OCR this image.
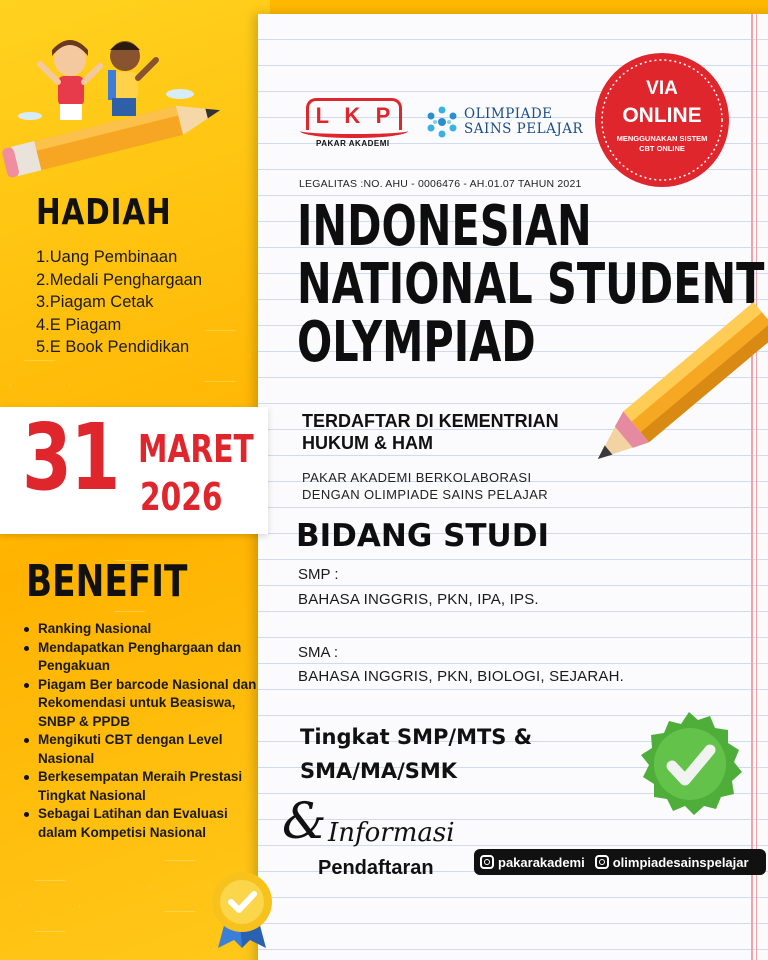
HADIAH
1.Uang Pembinaan
2.Medali Penghargaan
3.Piagam Cetak
4.E Piagam
5.E Book Pendidikan
31 MARET
2026
BENEFIT
Ranking Nasional
Mendapatkan Penghargaan dan Pengakuan
Piagam Ber barcode Nasional dan Rekomendasi untuk Beasiswa, SNBP & PPDB
Mengikuti CBT dengan Level Nasional
Berkesempatan Meraih Prestasi Tingkat Nasional
Sebagai Latihan dan Evaluasi dalam Kompetisi Nasional
L K P
PAKAR AKADEMI
OLIMPIADE
SAINS PELAJAR
VIA
ONLINE
MENGGUNAKAN SISTEM CBT ONLINE
LEGALITAS :NO. AHU - 0006476 - AH.01.07 TAHUN 2021
INDONESIAN
NATIONAL STUDENT
OLYMPIAD
TERDAFTAR DI KEMENTRIAN
HUKUM & HAM
PAKAR AKADEMI BERKOLABORASI
DENGAN OLIMPIADE SAINS PELAJAR
BIDANG STUDI
SMP :
BAHASA INGGRIS, PKN, IPA, IPS.
SMA :
BAHASA INGGRIS, PKN, BIOLOGI, SEJARAH.
Tingkat SMP/MTS &
SMA/MA/SMK
& Informasi
Pendaftaran	pakarakademi olimpiadesainspelajar
